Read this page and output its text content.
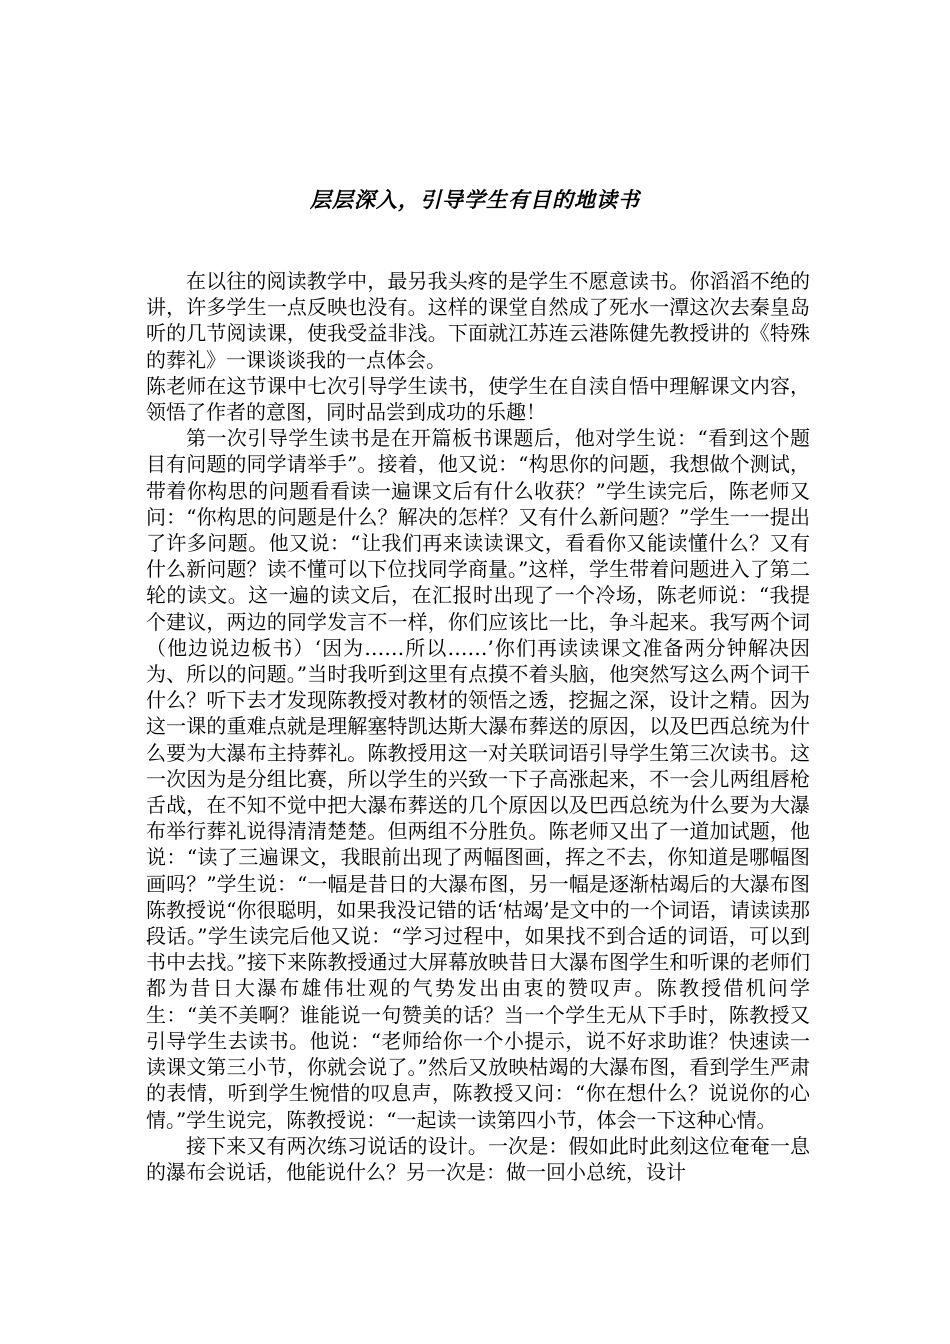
层层深入，引导学生有目的地读书

在以往的阅读教学中，最另我头疼的是学生不愿意读书。你滔滔不绝的讲，许多学生一点反映也没有。这样的课堂自然成了死水一潭这次去秦皇岛听的几节阅读课，使我受益非浅。下面就江苏连云港陈健先教授讲的《特殊的葬礼》一课谈谈我的一点体会。

陈老师在这节课中七次引导学生读书，使学生在自渎自悟中理解课文内容，领悟了作者的意图，同时品尝到成功的乐趣！

第一次引导学生读书是在开篇板书课题后，他对学生说：“看到这个题目有问题的同学请举手”。接着，他又说：“构思你的问题，我想做个测试，带着你构思的问题看看读一遍课文后有什么收获？”学生读完后，陈老师又问：“你构思的问题是什么？解决的怎样？又有什么新问题？”学生一一提出了许多问题。他又说：“让我们再来读读课文，看看你又能读懂什么？又有什么新问题？读不懂可以下位找同学商量。”这样，学生带着问题进入了第二轮的读文。这一遍的读文后，在汇报时出现了一个冷场，陈老师说：“我提个建议，两边的同学发言不一样，你们应该比一比，争斗起来。我写两个词（他边说边板书）‘因为……所以……’你们再读读课文准备两分钟解决因为、所以的问题。”当时我听到这里有点摸不着头脑，他突然写这么两个词干什么？听下去才发现陈教授对教材的领悟之透，挖掘之深，设计之精。因为这一课的重难点就是理解塞特凯达斯大瀑布葬送的原因，以及巴西总统为什么要为大瀑布主持葬礼。陈教授用这一对关联词语引导学生第三次读书。这一次因为是分组比赛，所以学生的兴致一下子高涨起来，不一会儿两组唇枪舌战，在不知不觉中把大瀑布葬送的几个原因以及巴西总统为什么要为大瀑布举行葬礼说得清清楚楚。但两组不分胜负。陈老师又出了一道加试题，他说：“读了三遍课文，我眼前出现了两幅图画，挥之不去，你知道是哪幅图画吗？”学生说：“一幅是昔日的大瀑布图，另一幅是逐渐枯竭后的大瀑布图陈教授说“你很聪明，如果我没记错的话‘枯竭’是文中的一个词语，请读读那段话。”学生读完后他又说：“学习过程中，如果找不到合适的词语，可以到书中去找。”接下来陈教授通过大屏幕放映昔日大瀑布图学生和听课的老师们都为昔日大瀑布雄伟壮观的气势发出由衷的赞叹声。陈教授借机问学生：“美不美啊？谁能说一句赞美的话？当一个学生无从下手时，陈教授又引导学生去读书。他说：“老师给你一个小提示，说不好求助谁？快速读一读课文第三小节，你就会说了。”然后又放映枯竭的大瀑布图，看到学生严肃的表情，听到学生惋惜的叹息声，陈教授又问：“你在想什么？说说你的心情。”学生说完，陈教授说：“一起读一读第四小节，体会一下这种心情。

接下来又有两次练习说话的设计。一次是：假如此时此刻这位奄奄一息的瀑布会说话，他能说什么？另一次是：做一回小总统，设计
